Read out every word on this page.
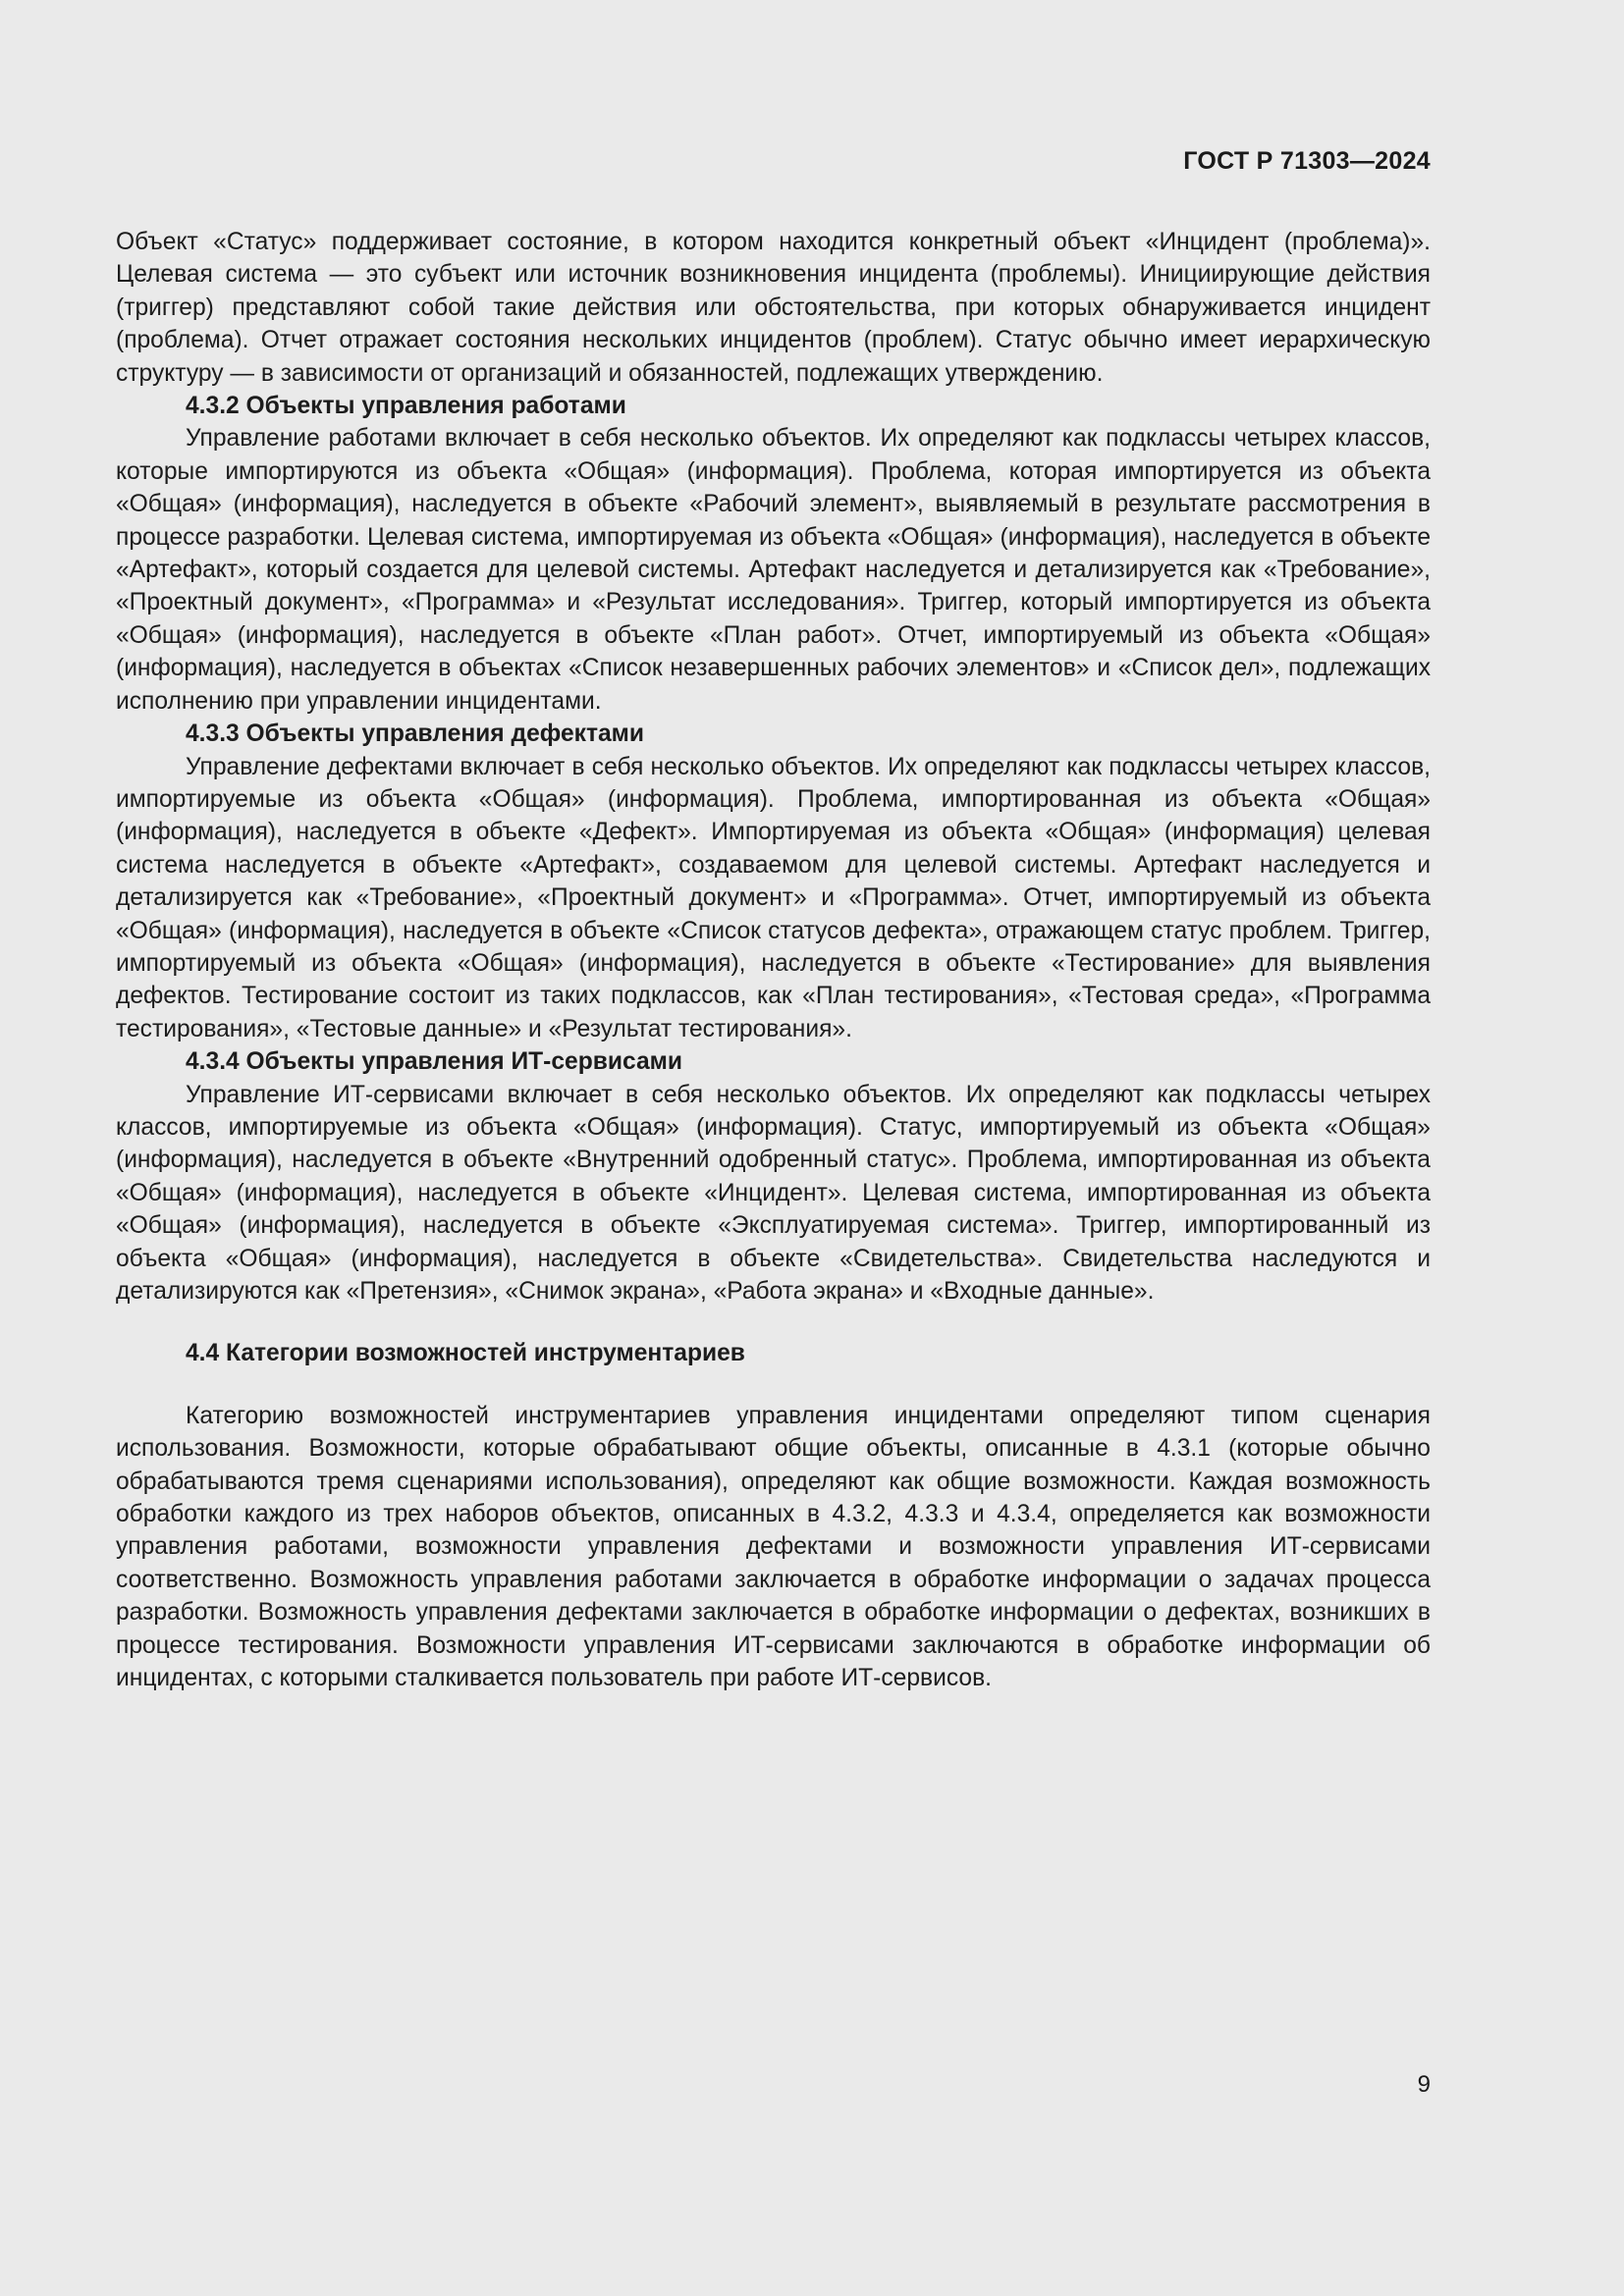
ГОСТ Р 71303—2024

Объект «Статус» поддерживает состояние, в котором находится конкретный объект «Инцидент (проблема)». Целевая система — это субъект или источник возникновения инцидента (проблемы). Инициирующие действия (триггер) представляют собой такие действия или обстоятельства, при которых обнаруживается инцидент (проблема). Отчет отражает состояния нескольких инцидентов (проблем). Статус обычно имеет иерархическую структуру — в зависимости от организаций и обязанностей, подлежащих утверждению.

4.3.2 Объекты управления работами

Управление работами включает в себя несколько объектов. Их определяют как подклассы четырех классов, которые импортируются из объекта «Общая» (информация). Проблема, которая импортируется из объекта «Общая» (информация), наследуется в объекте «Рабочий элемент», выявляемый в результате рассмотрения в процессе разработки. Целевая система, импортируемая из объекта «Общая» (информация), наследуется в объекте «Артефакт», который создается для целевой системы. Артефакт наследуется и детализируется как «Требование», «Проектный документ», «Программа» и «Результат исследования». Триггер, который импортируется из объекта «Общая» (информация), наследуется в объекте «План работ». Отчет, импортируемый из объекта «Общая» (информация), наследуется в объектах «Список незавершенных рабочих элементов» и «Список дел», подлежащих исполнению при управлении инцидентами.

4.3.3 Объекты управления дефектами

Управление дефектами включает в себя несколько объектов. Их определяют как подклассы четырех классов, импортируемые из объекта «Общая» (информация). Проблема, импортированная из объекта «Общая» (информация), наследуется в объекте «Дефект». Импортируемая из объекта «Общая» (информация) целевая система наследуется в объекте «Артефакт», создаваемом для целевой системы. Артефакт наследуется и детализируется как «Требование», «Проектный документ» и «Программа». Отчет, импортируемый из объекта «Общая» (информация), наследуется в объекте «Список статусов дефекта», отражающем статус проблем. Триггер, импортируемый из объекта «Общая» (информация), наследуется в объекте «Тестирование» для выявления дефектов. Тестирование состоит из таких подклассов, как «План тестирования», «Тестовая среда», «Программа тестирования», «Тестовые данные» и «Результат тестирования».

4.3.4 Объекты управления ИТ-сервисами

Управление ИТ-сервисами включает в себя несколько объектов. Их определяют как подклассы четырех классов, импортируемые из объекта «Общая» (информация). Статус, импортируемый из объекта «Общая» (информация), наследуется в объекте «Внутренний одобренный статус». Проблема, импортированная из объекта «Общая» (информация), наследуется в объекте «Инцидент». Целевая система, импортированная из объекта «Общая» (информация), наследуется в объекте «Эксплуатируемая система». Триггер, импортированный из объекта «Общая» (информация), наследуется в объекте «Свидетельства». Свидетельства наследуются и детализируются как «Претензия», «Снимок экрана», «Работа экрана» и «Входные данные».

4.4 Категории возможностей инструментариев

Категорию возможностей инструментариев управления инцидентами определяют типом сценария использования. Возможности, которые обрабатывают общие объекты, описанные в 4.3.1 (которые обычно обрабатываются тремя сценариями использования), определяют как общие возможности. Каждая возможность обработки каждого из трех наборов объектов, описанных в 4.3.2, 4.3.3 и 4.3.4, определяется как возможности управления работами, возможности управления дефектами и возможности управления ИТ-сервисами соответственно. Возможность управления работами заключается в обработке информации о задачах процесса разработки. Возможность управления дефектами заключается в обработке информации о дефектах, возникших в процессе тестирования. Возможности управления ИТ-сервисами заключаются в обработке информации об инцидентах, с которыми сталкивается пользователь при работе ИТ-сервисов.

9
